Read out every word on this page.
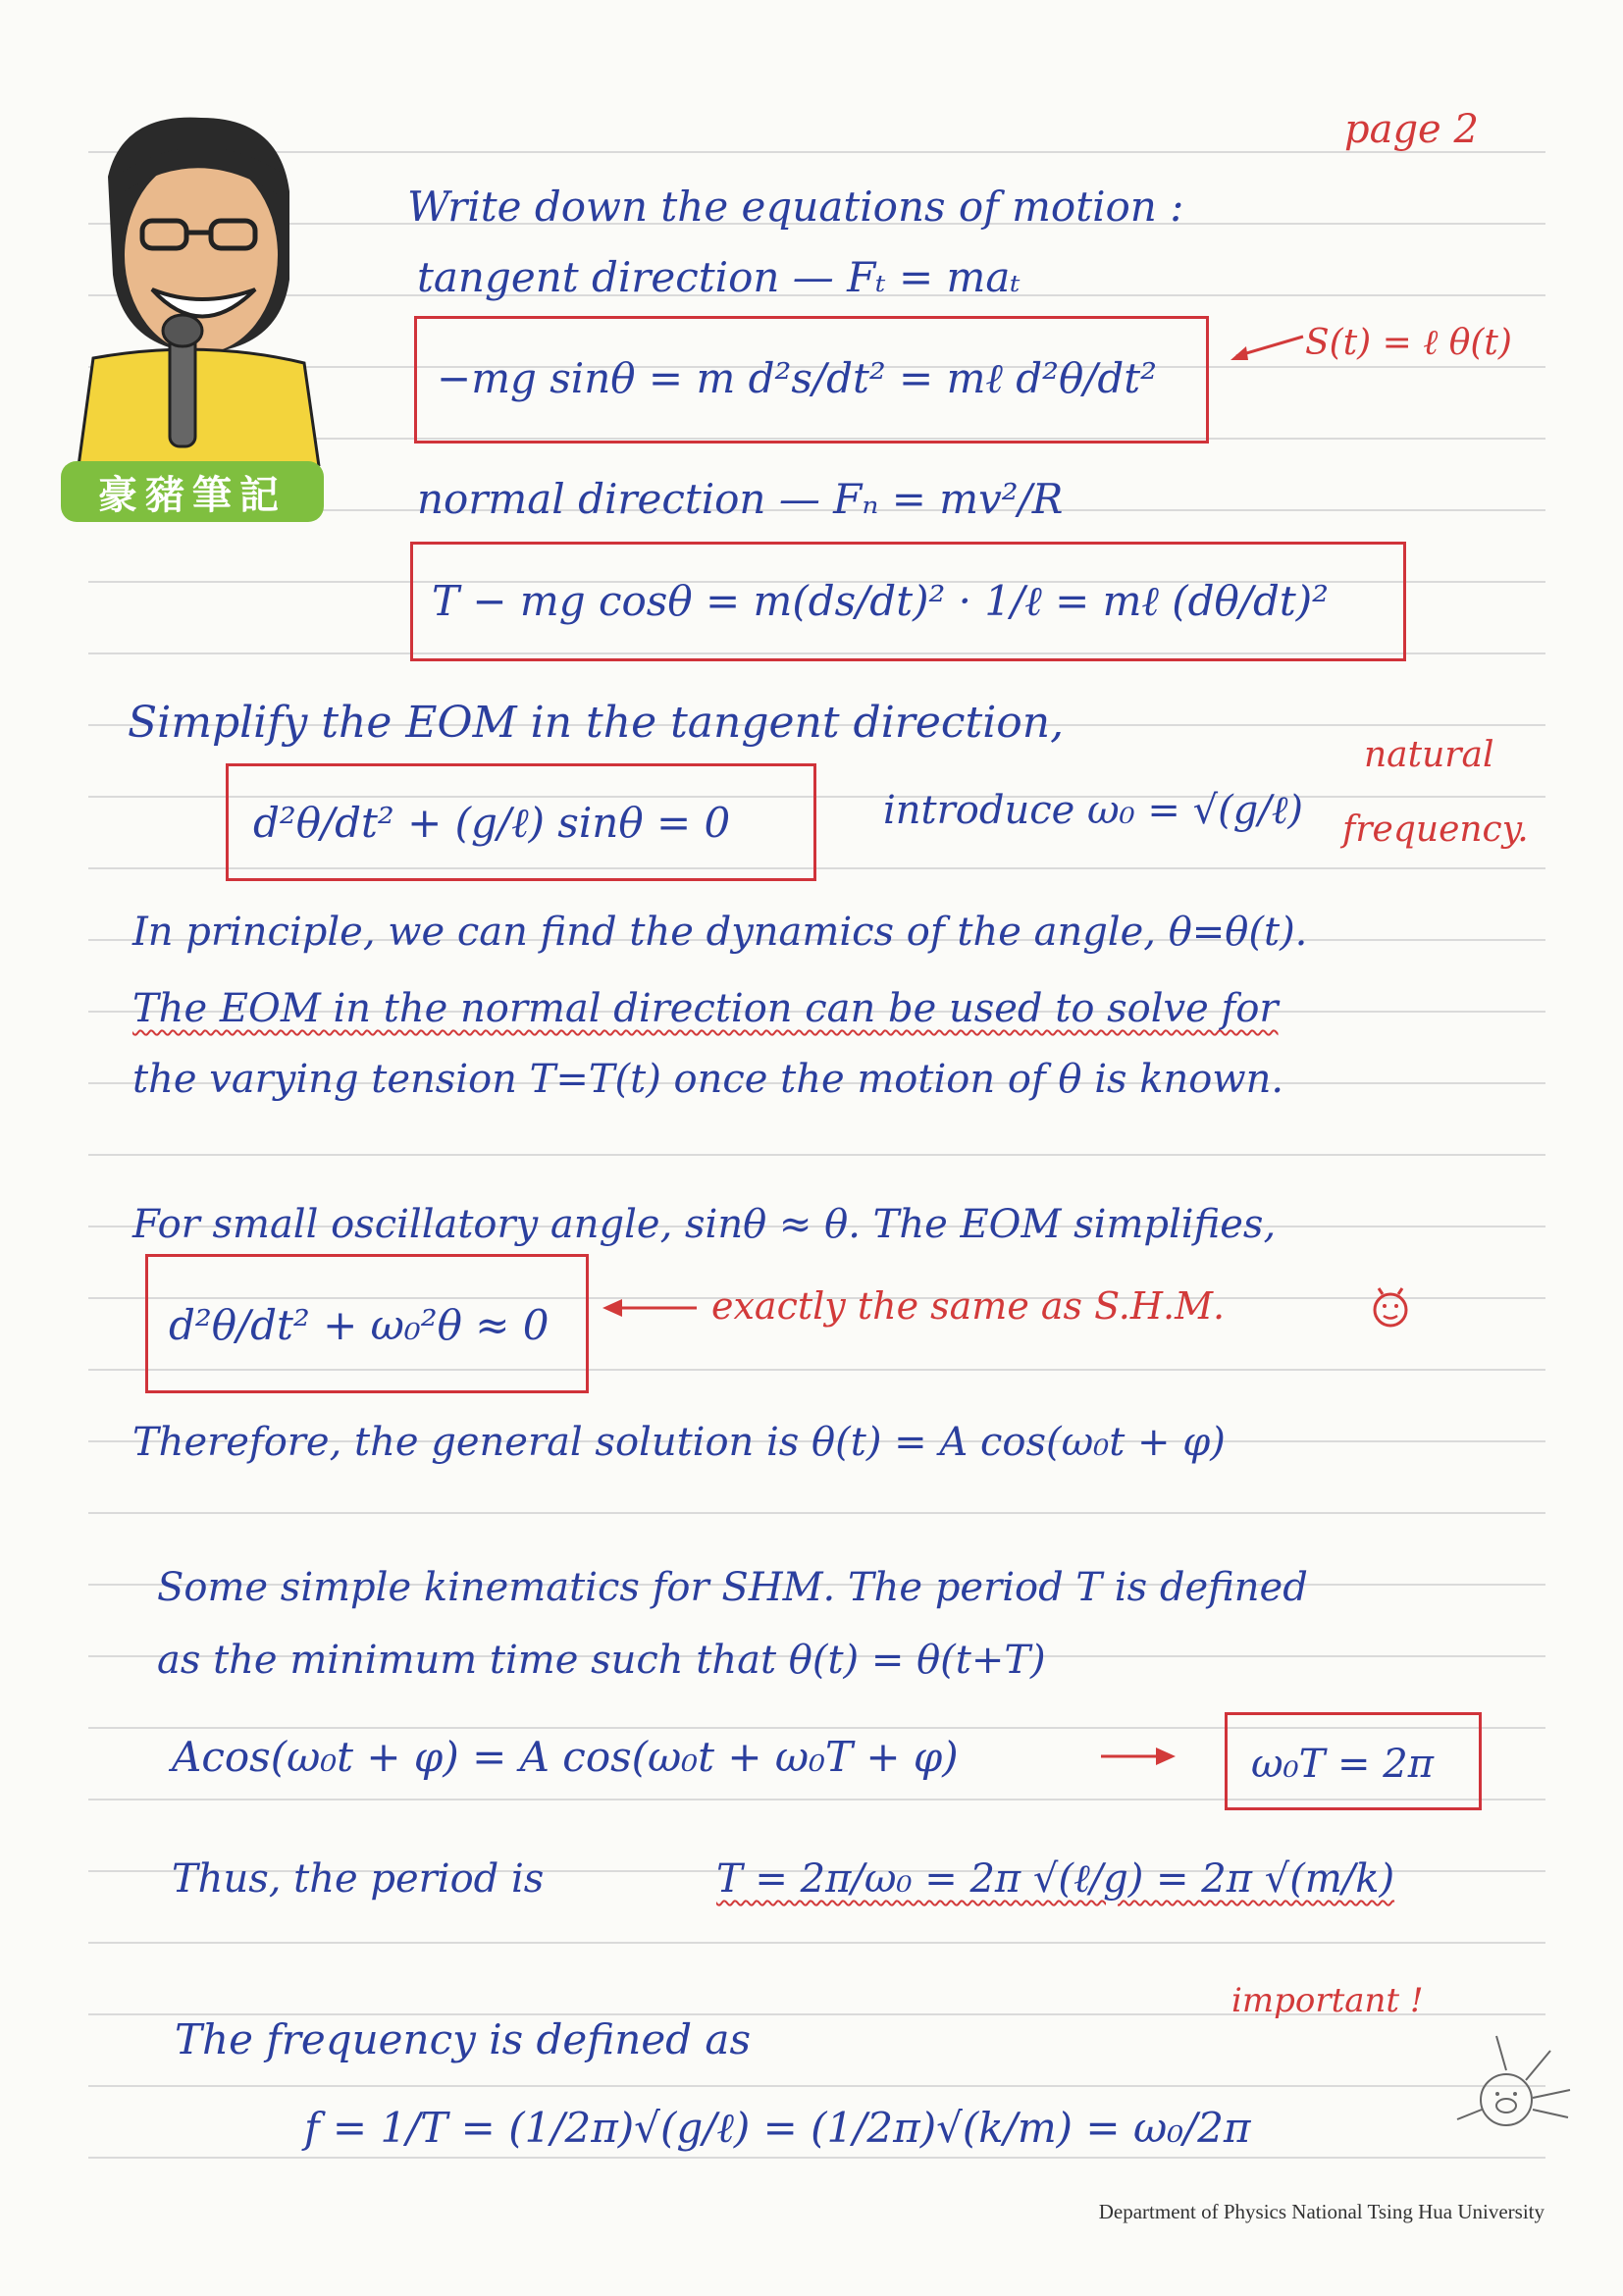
豪豬筆記
page 2
Write down the equations of motion :
tangent direction — Fₜ = maₜ
−mg sinθ = m d²s/dt² = mℓ d²θ/dt²
S(t) = ℓ θ(t)
normal direction — Fₙ = mv²/R
T − mg cosθ = m(ds/dt)² · 1/ℓ = mℓ (dθ/dt)²
Simplify the EOM in the tangent direction,
d²θ/dt² + (g/ℓ) sinθ = 0	introduce ω₀ = √(g/ℓ)
natural
frequency.
In principle, we can find the dynamics of the angle, θ=θ(t).
The EOM in the normal direction can be used to solve for
the varying tension T=T(t) once the motion of θ is known.
For small oscillatory angle, sinθ ≈ θ. The EOM simplifies,
d²θ/dt² + ω₀²θ ≈ 0	exactly the same as S.H.M.
Therefore, the general solution is θ(t) = A cos(ω₀t + φ)
Some simple kinematics for SHM. The period T is defined
as the minimum time such that θ(t) = θ(t+T)
Acos(ω₀t + φ) = A cos(ω₀t + ω₀T + φ)	ω₀T = 2π
Thus, the period is	T = 2π/ω₀ = 2π √(ℓ/g) = 2π √(m/k)
The frequency is defined as
important !
f = 1/T = (1/2π)√(g/ℓ) = (1/2π)√(k/m) = ω₀/2π
Department of Physics National Tsing Hua University
